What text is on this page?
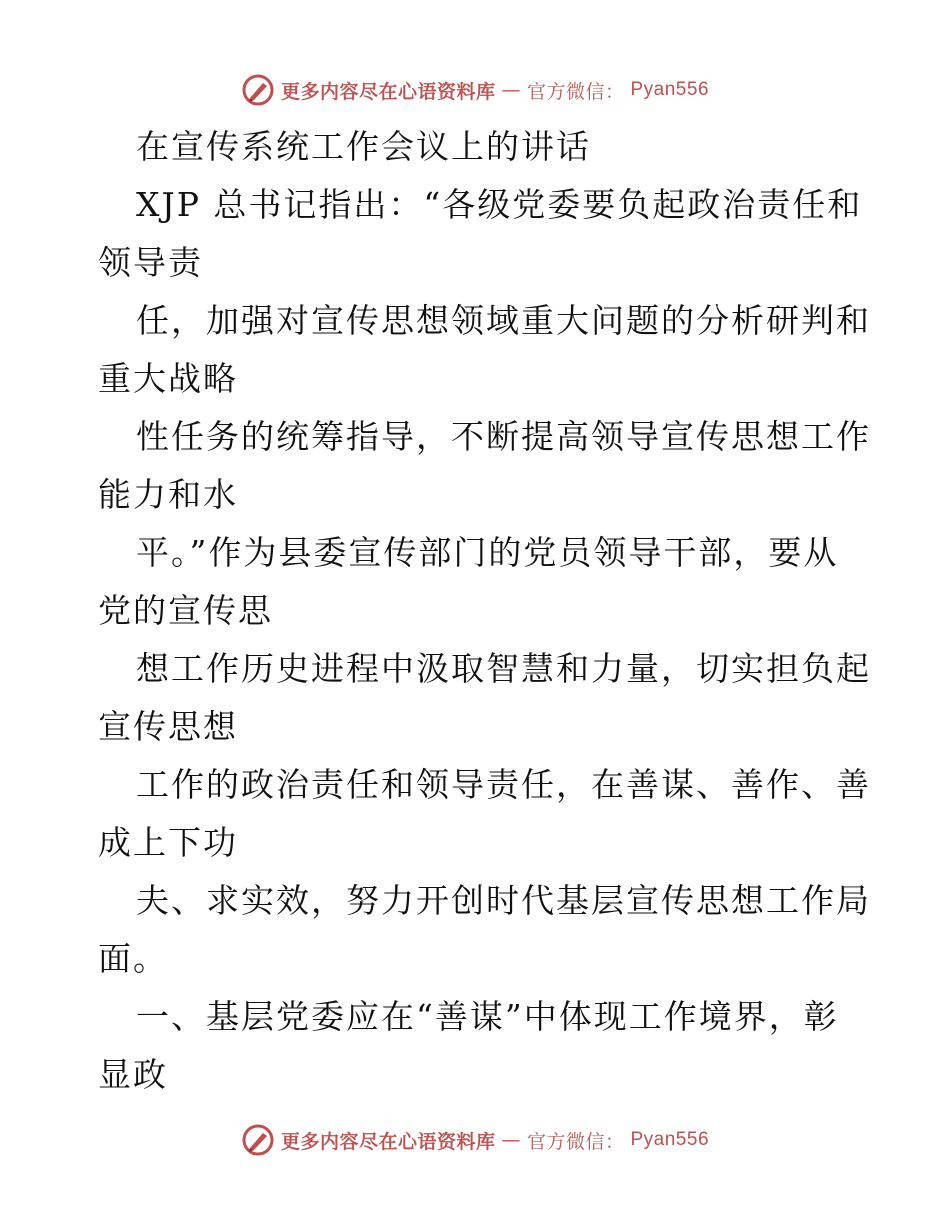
更多内容尽在心语资料库 — 官方微信： Pyan556
在宣传系统工作会议上的讲话
XJP 总书记指出：“各级党委要负起政治责任和
领导责
任，加强对宣传思想领域重大问题的分析研判和
重大战略
性任务的统筹指导，不断提高领导宣传思想工作
能力和水
平。”作为县委宣传部门的党员领导干部，要从
党的宣传思
想工作历史进程中汲取智慧和力量，切实担负起
宣传思想
工作的政治责任和领导责任，在善谋、善作、善
成上下功
夫、求实效，努力开创时代基层宣传思想工作局
面。
一、基层党委应在“善谋”中体现工作境界，彰
显政
更多内容尽在心语资料库 — 官方微信： Pyan556
